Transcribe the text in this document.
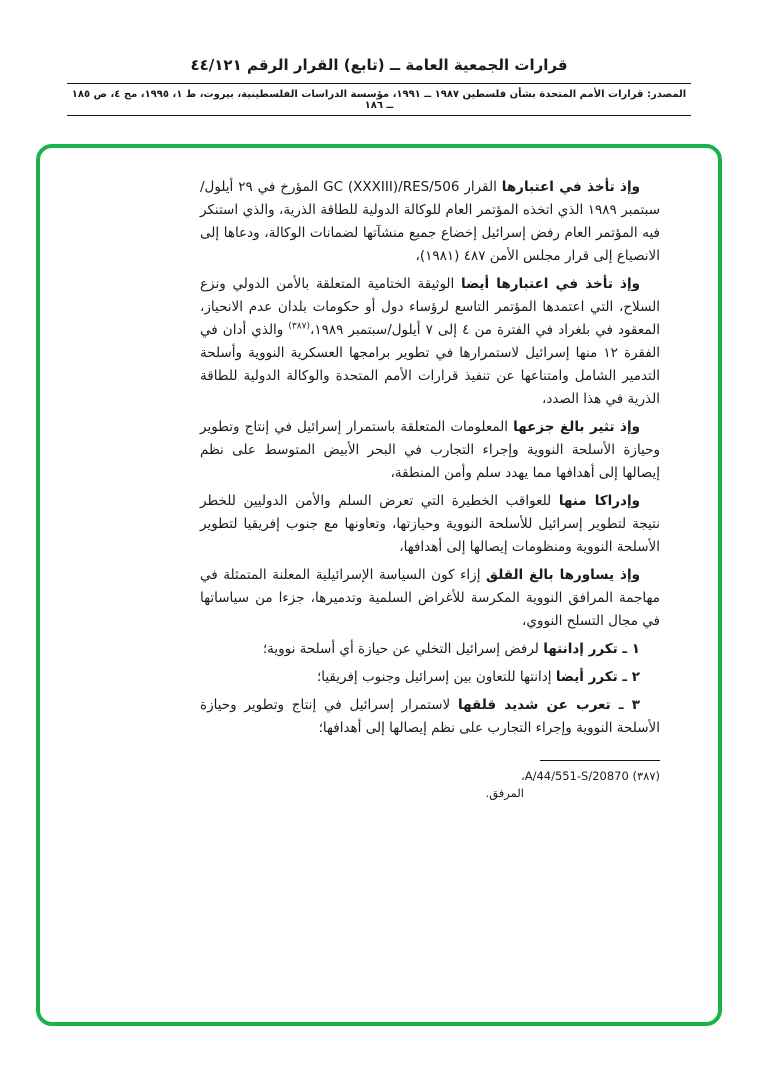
قرارات الجمعية العامة ــ (تابع) القرار الرقم ٤٤/١٢١
المصدر: قرارات الأمم المتحدة بشأن فلسطين ١٩٨٧ ــ ١٩٩١، مؤسسة الدراسات الفلسطينية، بيروت، ط ١، ١٩٩٥، مج ٤، ص ١٨٥ ــ ١٨٦

وإذ تأخذ في اعتبارها القرار GC (XXXIII)/RES/506 المؤرخ في ٢٩ أيلول/سبتمبر ١٩٨٩ الذي اتخذه المؤتمر العام للوكالة الدولية للطاقة الذرية، والذي استنكر فيه المؤتمر العام رفض إسرائيل إخضاع جميع منشآتها لضمانات الوكالة، ودعاها إلى الانصياع إلى قرار مجلس الأمن ٤٨٧ (١٩٨١)،

وإذ تأخذ في اعتبارها أيضا الوثيقة الختامية المتعلقة بالأمن الدولي ونزع السلاح، التي اعتمدها المؤتمر التاسع لرؤساء دول أو حكومات بلدان عدم الانحياز، المعقود في بلغراد في الفترة من ٤ إلى ٧ أيلول/سبتمبر ١٩٨٩،$^{(٣٨٧)}$ والذي أدان في الفقرة ١٢ منها إسرائيل لاستمرارها في تطوير برامجها العسكرية النووية وأسلحة التدمير الشامل وامتناعها عن تنفيذ قرارات الأمم المتحدة والوكالة الدولية للطاقة الذرية في هذا الصدد،

وإذ تثير بالغ جزعها المعلومات المتعلقة باستمرار إسرائيل في إنتاج وتطوير وحيازة الأسلحة النووية وإجراء التجارب في البحر الأبيض المتوسط على نظم إيصالها إلى أهدافها مما يهدد سلم وأمن المنطقة،

وإدراكا منها للعواقب الخطيرة التي تعرض السلم والأمن الدوليين للخطر نتيجة لتطوير إسرائيل للأسلحة النووية وحيازتها، وتعاونها مع جنوب إفريقيا لتطوير الأسلحة النووية ومنظومات إيصالها إلى أهدافها،

وإذ يساورها بالغ القلق إزاء كون السياسة الإسرائيلية المعلنة المتمثلة في مهاجمة المرافق النووية المكرسة للأغراض السلمية وتدميرها، جزءا من سياساتها في مجال التسلح النووي،

١ ـ تكرر إدانتها لرفض إسرائيل التخلي عن حيازة أي أسلحة نووية؛

٢ ـ تكرر أيضا إدانتها للتعاون بين إسرائيل وجنوب إفريقيا؛

٣ ـ تعرب عن شديد قلقها لاستمرار إسرائيل في إنتاج وتطوير وحيازة الأسلحة النووية وإجراء التجارب على نظم إيصالها إلى أهدافها؛

(٣٨٧) A/44/551-S/20870،
المرفق.
